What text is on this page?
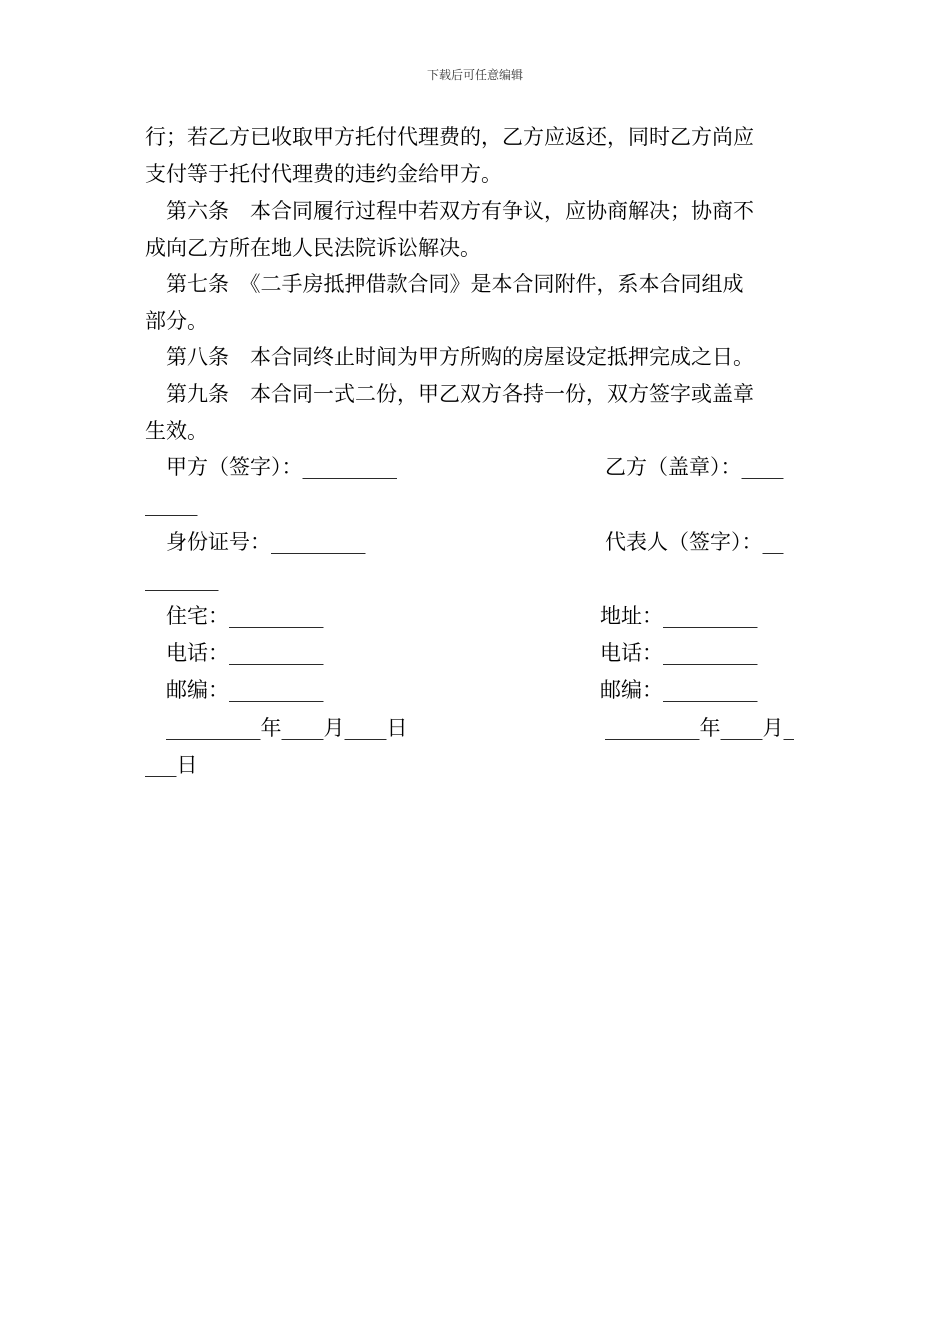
下载后可任意编辑
行；若乙方已收取甲方托付代理费的，乙方应返还，同时乙方尚应
支付等于托付代理费的违约金给甲方。
　第六条　本合同履行过程中若双方有争议，应协商解决；协商不
成向乙方所在地人民法院诉讼解决。
　第七条　《二手房抵押借款合同》是本合同附件，系本合同组成
部分。
　第八条　本合同终止时间为甲方所购的房屋设定抵押完成之日。
　第九条　本合同一式二份，甲乙双方各持一份，双方签字或盖章
生效。
　甲方（签字）：_________
　身份证号：_________
　住宅：_________
　电话：_________
　邮编：_________
　_________年____月____日
乙方（盖章）：____
_____
代表人（签字）：__
_______
地址：_________
电话：_________
邮编：_________
_________年____月_
___日
